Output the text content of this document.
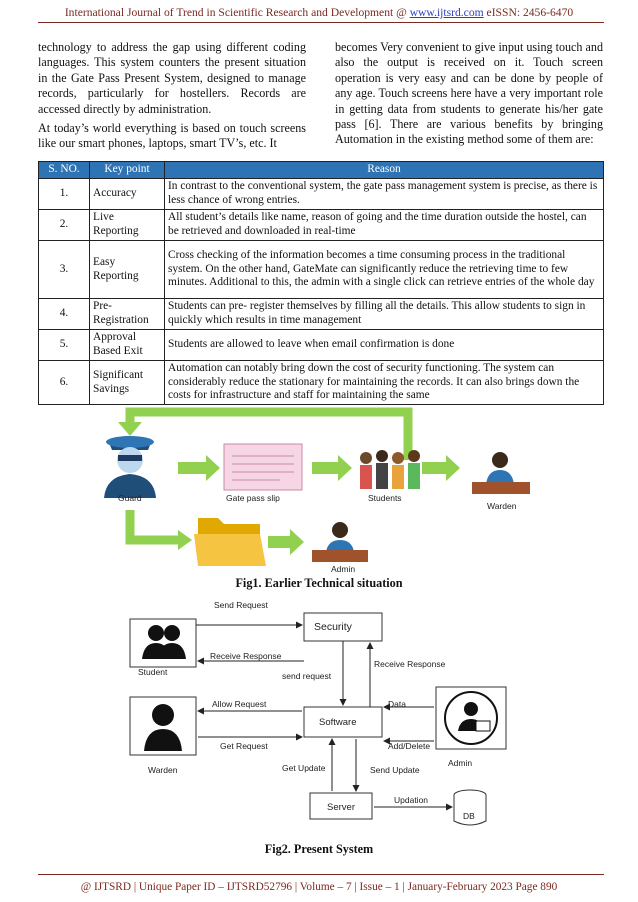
International Journal of Trend in Scientific Research and Development @ www.ijtsrd.com eISSN: 2456-6470

technology to address the gap using different coding languages. This system counters the present situation in the Gate Pass Present System, designed to manage records, particularly for hostellers. Records are accessed directly by administration.

At today’s world everything is based on touch screens like our smart phones, laptops, smart TV’s, etc. It

becomes Very convenient to give input using touch and also the output is received on it. Touch screen operation is very easy and can be done by people of any age. Touch screens here have a very important role in getting data from students to generate his/her gate pass [6]. There are various benefits by bringing Automation in the existing method some of them are:

S. NO.	Key point	Reason
1.	Accuracy	In contrast to the conventional system, the gate pass management system is precise, as there is less chance of wrong entries.
2.	Live Reporting	All student’s details like name, reason of going and the time duration outside the hostel, can be retrieved and downloaded in real-time
3.	Easy Reporting	Cross checking of the information becomes a time consuming process in the traditional system. On the other hand, GateMate can significantly reduce the retrieving time to few minutes. Additional to this, the admin with a single click can retrieve entries of the whole day
4.	Pre-Registration	Students can pre- register themselves by filling all the details. This allow students to sign in quickly which results in time management
5.	Approval Based Exit	Students are allowed to leave when email confirmation is done
6.	Significant Savings	Automation can notably bring down the cost of security functioning. The system can considerably reduce the stationary for maintaining the records. It can also brings down the costs for infrastructure and staff for maintaining the same
Guard	Gate pass slip	Students
Warden
Admin
Fig1. Earlier Technical situation
Security
Software
Server
DB
Student
Warden
Admin
Send Request
Receive Response
send request
Receive Response
Allow Request
Get Request
Data
Add/Delete
Get Update	Send Update
Updation
Fig2. Present System
@ IJTSRD | Unique Paper ID – IJTSRD52796 | Volume – 7 | Issue – 1 | January-February 2023 Page 890
